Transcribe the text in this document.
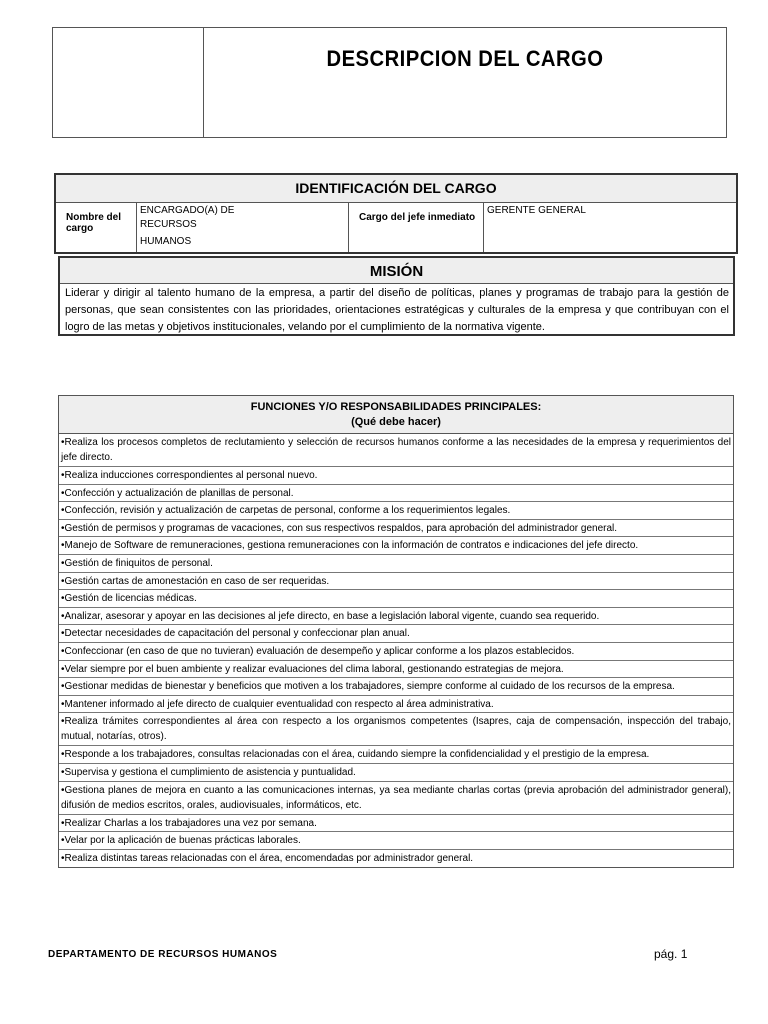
DESCRIPCION DEL CARGO
IDENTIFICACIÓN DEL CARGO
Nombre del cargo
ENCARGADO(A) DE
RECURSOS
HUMANOS
Cargo del jefe inmediato
GERENTE GENERAL
MISIÓN
Liderar y dirigir al talento humano de la empresa, a partir del diseño de políticas, planes y programas de trabajo para la gestión de personas, que sean consistentes con las prioridades, orientaciones estratégicas y culturales de la empresa y que contribuyan con el logro de las metas y objetivos institucionales, velando por el cumplimiento de la normativa vigente.
FUNCIONES Y/O RESPONSABILIDADES PRINCIPALES:
(Qué debe hacer)
•Realiza los procesos completos de reclutamiento y selección de recursos humanos conforme a las necesidades de la empresa y requerimientos del jefe directo.
•Realiza inducciones correspondientes al personal nuevo.
•Confección y actualización de planillas de personal.
•Confección, revisión y actualización de carpetas de personal, conforme a los requerimientos legales.
•Gestión de permisos y programas de vacaciones, con sus respectivos respaldos, para aprobación del administrador general.
•Manejo de Software de remuneraciones, gestiona remuneraciones con la información de contratos e indicaciones del jefe directo.
•Gestión de finiquitos de personal.
•Gestión cartas de amonestación en caso de ser requeridas.
•Gestión de licencias médicas.
•Analizar, asesorar y apoyar en las decisiones al jefe directo, en base a legislación laboral vigente, cuando sea requerido.
•Detectar necesidades de capacitación del personal y confeccionar plan anual.
•Confeccionar (en caso de que no tuvieran) evaluación de desempeño y aplicar conforme a los plazos establecidos.
•Velar siempre por el buen ambiente y realizar evaluaciones del clima laboral, gestionando estrategias de mejora.
•Gestionar medidas de bienestar y beneficios que motiven a los trabajadores, siempre conforme al cuidado de los recursos de la empresa.
•Mantener informado al jefe directo de cualquier eventualidad con respecto al área administrativa.
•Realiza trámites correspondientes al área con respecto a los organismos competentes (Isapres, caja de compensación, inspección del trabajo, mutual, notarías, otros).
•Responde a los trabajadores, consultas relacionadas con el área, cuidando siempre la confidencialidad y el prestigio de la empresa.
•Supervisa y gestiona el cumplimiento de asistencia y puntualidad.
•Gestiona planes de mejora en cuanto a las comunicaciones internas, ya sea mediante charlas cortas (previa aprobación del administrador general), difusión de medios escritos, orales, audiovisuales, informáticos, etc.
•Realizar Charlas a los trabajadores una vez por semana.
•Velar por la aplicación de buenas prácticas laborales.
•Realiza distintas tareas relacionadas con el área, encomendadas por administrador general.
DEPARTAMENTO DE RECURSOS HUMANOS	pág. 1
